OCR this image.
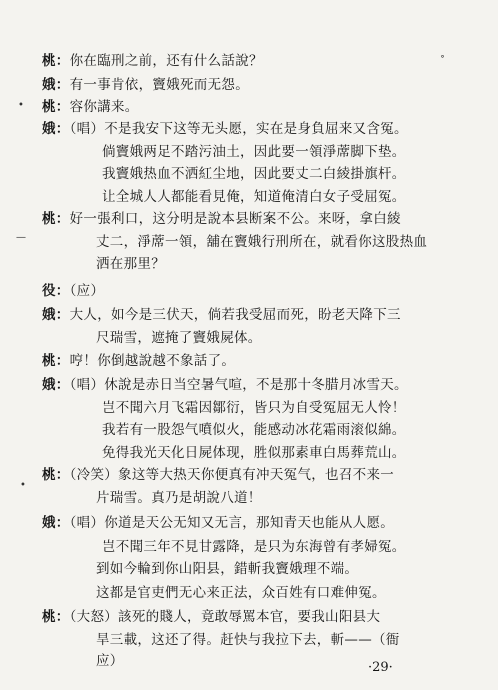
桃：你在臨刑之前，还有什么話說？
娥：有一事肯依，竇娥死而无怨。
桃：容你講来。
娥：（唱）不是我安下这等无头愿，实在是身負屈来又含冤。
倘竇娥两足不踏污油土，因此要一領淨蓆脚下垫。
我竇娥热血不洒紅尘地，因此要丈二白綾掛旗杆。
让全城人人都能看見俺，知道俺清白女子受屈冤。
桃：好一張利口，这分明是說本县断案不公。来呀，拿白綾
丈二，淨蓆一領，舖在竇娥行刑所在，就看你这股热血
洒在那里？
役：（应）
娥：大人，如今是三伏天，倘若我受屈而死，盼老天降下三
尺瑞雪，遮掩了竇娥屍体。
桃：哼！你倒越說越不象話了。
娥：（唱）休說是赤日当空暑气喧，不是那十冬腊月冰雪天。
岂不聞六月飞霜因鄒衍，皆只为自受冤屈无人怜！
我若有一股怨气噴似火，能感动冰花霜雨滚似綿。
免得我光天化日屍体现，胜似那素車白馬葬荒山。
桃：（冷笑）象这等大热天你便真有冲天冤气，也召不来一
片瑞雪。真乃是胡說八道！
娥：（唱）你道是天公无知又无言，那知青天也能从人愿。
岂不聞三年不見甘露降，是只为东海曾有孝婦冤。
到如今輪到你山阳县，錯斬我竇娥理不端。
这都是官吏們无心来正法，众百姓有口难伸冤。
桃：（大怒）該死的賤人，竟敢辱罵本官，要我山阳县大
旱三載，这还了得。赶快与我拉下去，斬——（衙
应）
•
—
•
˚
·29·
